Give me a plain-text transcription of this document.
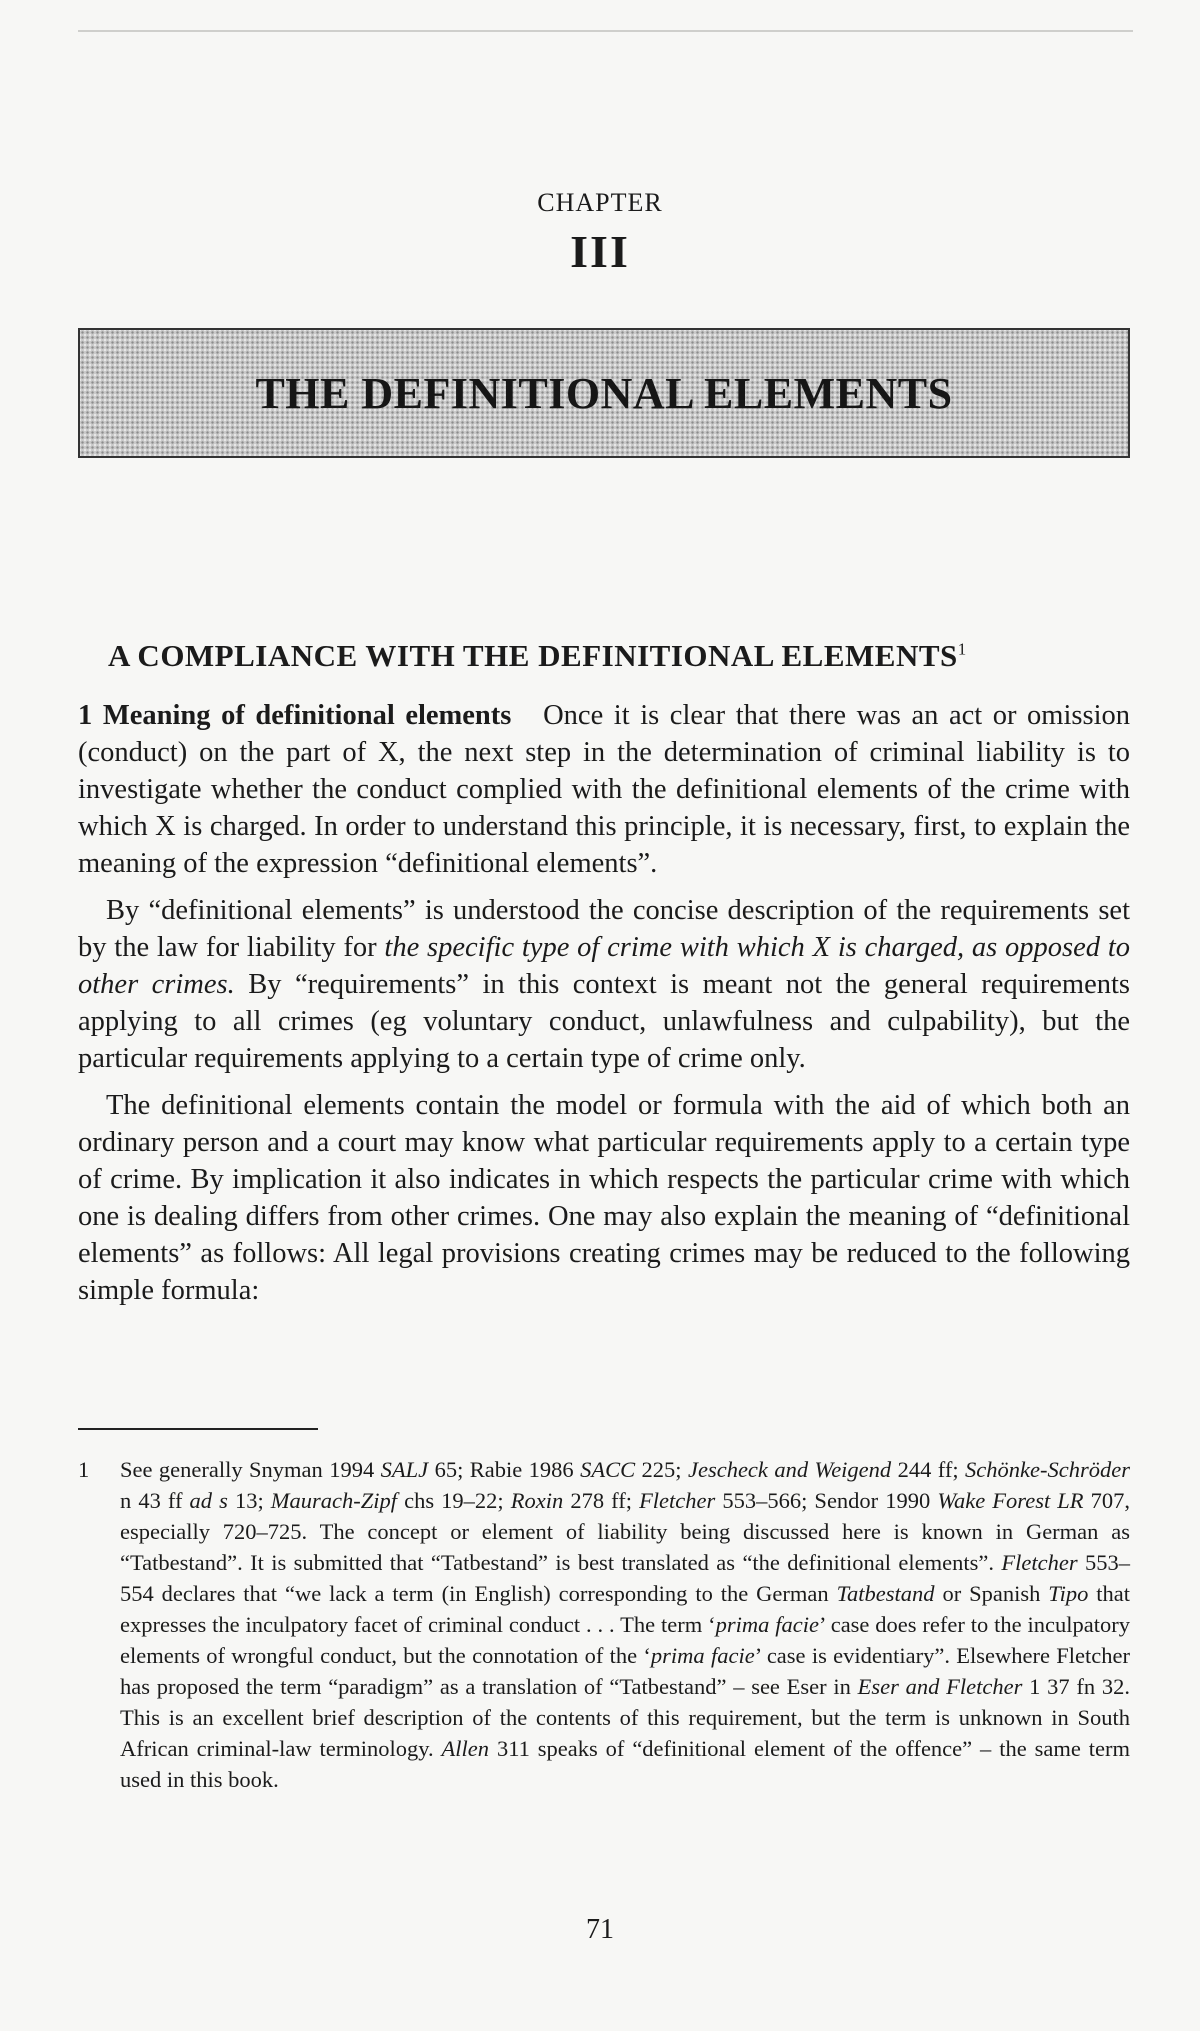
CHAPTER
III
THE DEFINITIONAL ELEMENTS
A COMPLIANCE WITH THE DEFINITIONAL ELEMENTS$^1$

1 Meaning of definitional elements Once it is clear that there was an act or omission (conduct) on the part of X, the next step in the determination of criminal liability is to investigate whether the conduct complied with the definitional elements of the crime with which X is charged. In order to understand this principle, it is necessary, first, to explain the meaning of the expression “definitional elements”.

By “definitional elements” is understood the concise description of the requirements set by the law for liability for the specific type of crime with which X is charged, as opposed to other crimes. By “requirements” in this context is meant not the general requirements applying to all crimes (eg voluntary conduct, unlawfulness and culpability), but the particular requirements applying to a certain type of crime only.

The definitional elements contain the model or formula with the aid of which both an ordinary person and a court may know what particular requirements apply to a certain type of crime. By implication it also indicates in which respects the particular crime with which one is dealing differs from other crimes. One may also explain the meaning of “definitional elements” as follows: All legal provisions creating crimes may be reduced to the following simple formula:

1	See generally Snyman 1994 SALJ 65; Rabie 1986 SACC 225; Jescheck and Weigend 244 ff; Schönke-Schröder n 43 ff ad s 13; Maurach-Zipf chs 19–22; Roxin 278 ff; Fletcher 553–566; Sendor 1990 Wake Forest LR 707, especially 720–725. The concept or element of liability being discussed here is known in German as “Tatbestand”. It is submitted that “Tatbestand” is best translated as “the definitional elements”. Fletcher 553–554 declares that “we lack a term (in English) corresponding to the German Tatbestand or Spanish Tipo that expresses the inculpatory facet of criminal conduct . . . The term ‘prima facie’ case does refer to the inculpatory elements of wrongful conduct, but the connotation of the ‘prima facie’ case is evidentiary”. Elsewhere Fletcher has proposed the term “paradigm” as a translation of “Tatbestand” – see Eser in Eser and Fletcher 1 37 fn 32. This is an excellent brief description of the contents of this requirement, but the term is unknown in South African criminal-law terminology. Allen 311 speaks of “definitional element of the offence” – the same term used in this book.
71
